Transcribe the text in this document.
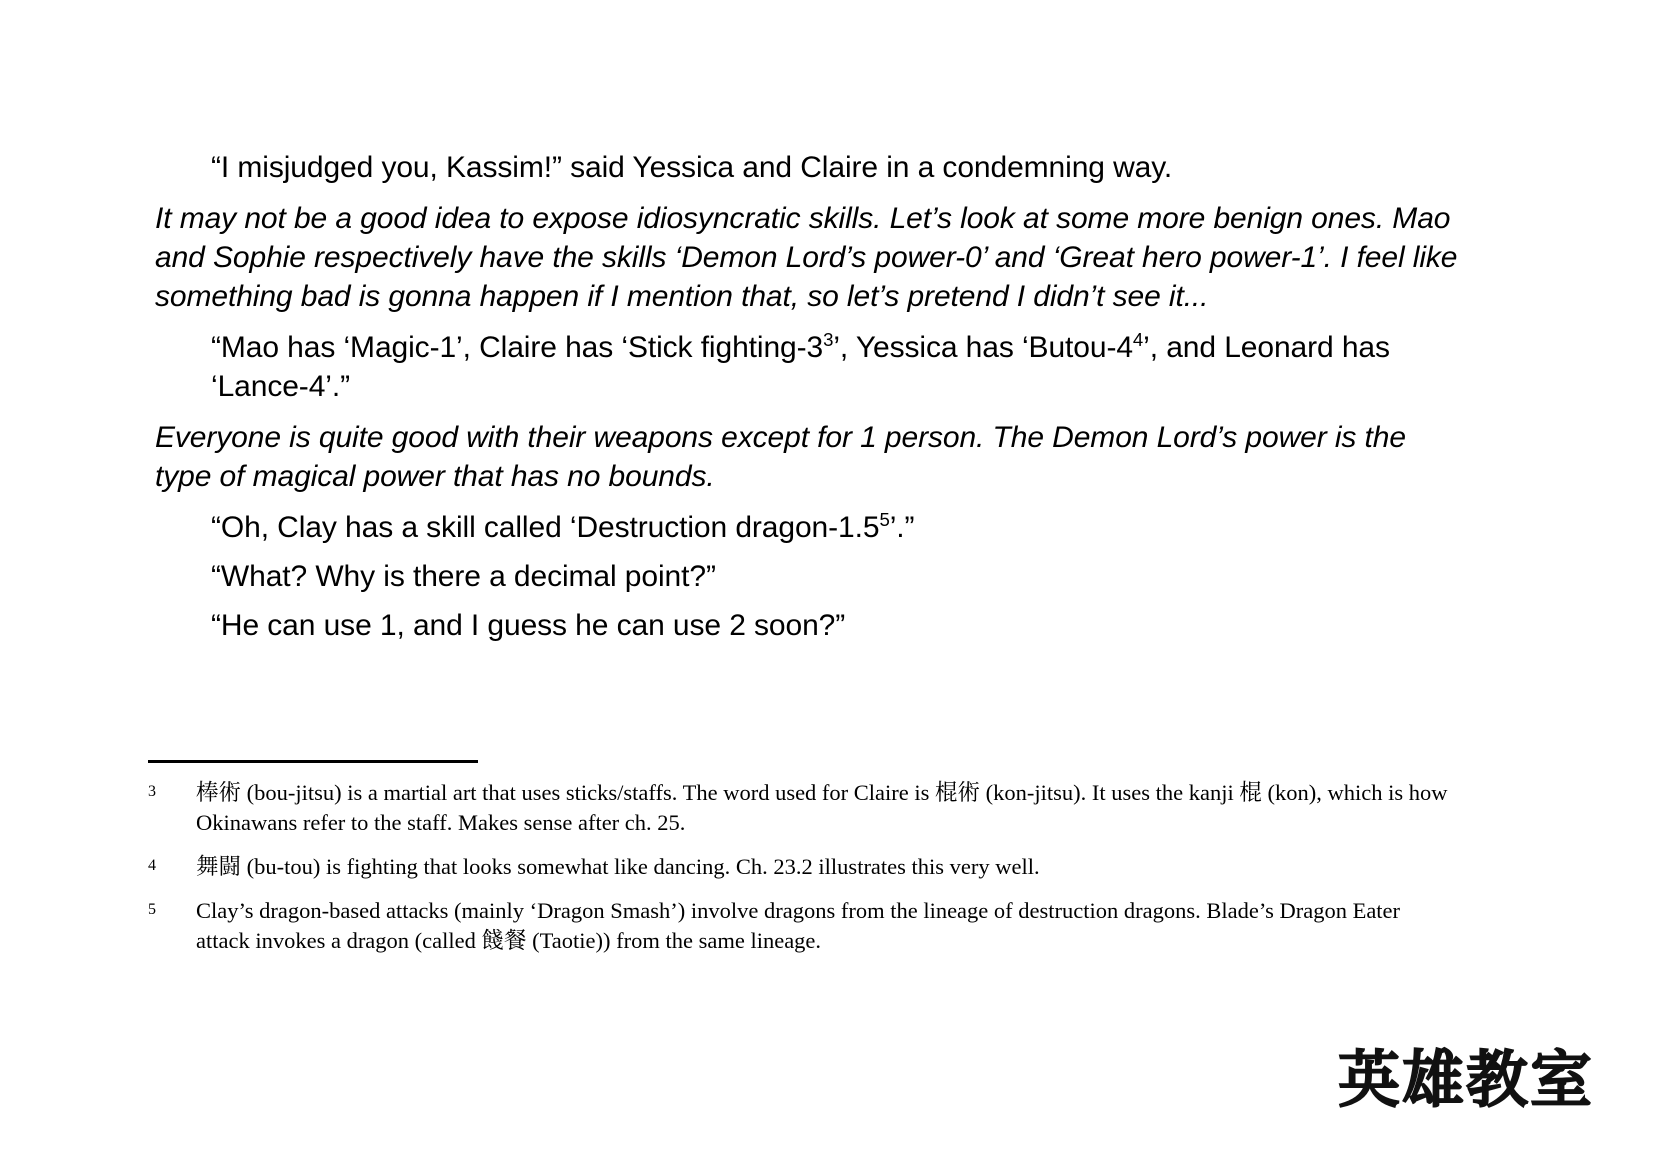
“I misjudged you, Kassim!” said Yessica and Claire in a condemning way.

It may not be a good idea to expose idiosyncratic skills. Let’s look at some more benign ones. Mao and Sophie respectively have the skills ‘Demon Lord’s power-0’ and ‘Great hero power-1’. I feel like something bad is gonna happen if I mention that, so let’s pretend I didn’t see it...

“Mao has ‘Magic-1’, Claire has ‘Stick fighting-3$^3$’, Yessica has ‘Butou-4$^4$’, and Leonard has ‘Lance-4’.”

Everyone is quite good with their weapons except for 1 person. The Demon Lord’s power is the type of magical power that has no bounds.

“Oh, Clay has a skill called ‘Destruction dragon-1.5$^5$’.”

“What? Why is there a decimal point?”

“He can use 1, and I guess he can use 2 soon?”

3	棒術 (bou-jitsu) is a martial art that uses sticks/staffs. The word used for Claire is 棍術 (kon-jitsu). It uses the kanji 棍 (kon), which is how Okinawans refer to the staff. Makes sense after ch. 25.
4	舞闘 (bu-tou) is fighting that looks somewhat like dancing. Ch. 23.2 illustrates this very well.
5	Clay’s dragon-based attacks (mainly ‘Dragon Smash’) involve dragons from the lineage of destruction dragons. Blade’s Dragon Eater attack invokes a dragon (called 餞餐 (Taotie)) from the same lineage.
英雄教室
